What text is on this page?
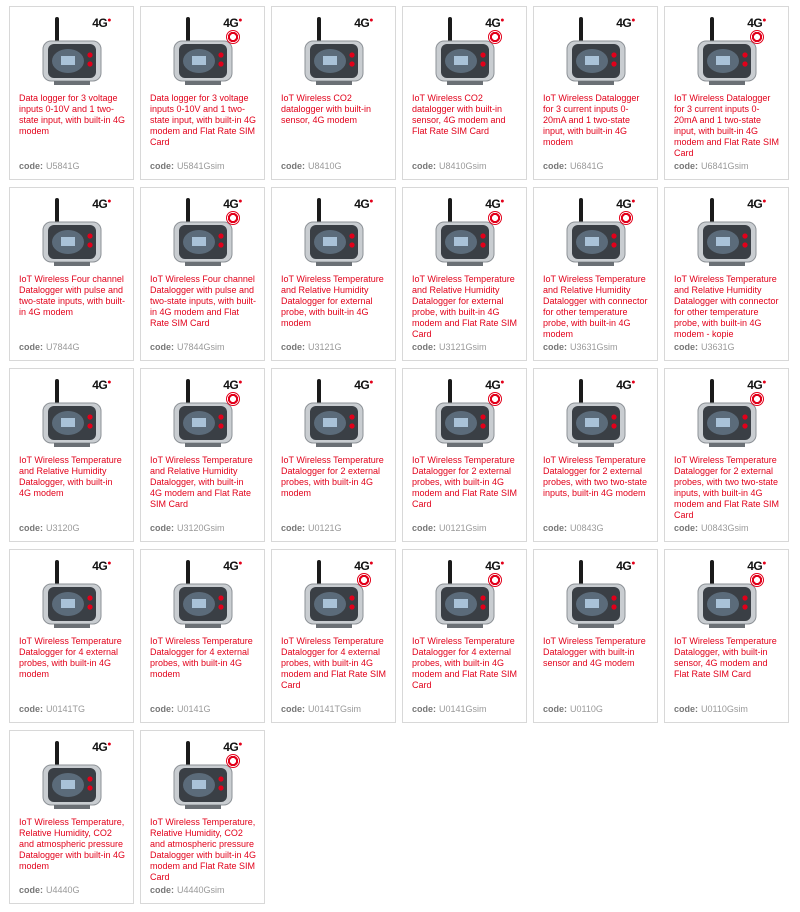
4G●
Data logger for 3 voltage inputs 0-10V and 1 two-state input, with built-in 4G modem
code: U5841G
4G●
Data logger for 3 voltage inputs 0-10V and 1 two-state input, with built-in 4G modem and Flat Rate SIM Card
code: U5841Gsim
4G●
IoT Wireless CO2 datalogger with built-in sensor, 4G modem
code: U8410G
4G●
IoT Wireless CO2 datalogger with built-in sensor, 4G modem and Flat Rate SIM Card
code: U8410Gsim
4G●
IoT Wireless Datalogger for 3 current inputs 0-20mA and 1 two-state input, with built-in 4G modem
code: U6841G
4G●
IoT Wireless Datalogger for 3 current inputs 0-20mA and 1 two-state input, with built-in 4G modem and Flat Rate SIM Card
code: U6841Gsim
4G●
IoT Wireless Four channel Datalogger with pulse and two-state inputs, with built-in 4G modem
code: U7844G
4G●
IoT Wireless Four channel Datalogger with pulse and two-state inputs, with built-in 4G modem and Flat Rate SIM Card
code: U7844Gsim
4G●
IoT Wireless Temperature and Relative Humidity Datalogger for external probe, with built-in 4G modem
code: U3121G
4G●
IoT Wireless Temperature and Relative Humidity Datalogger for external probe, with built-in 4G modem and Flat Rate SIM Card
code: U3121Gsim
4G●
IoT Wireless Temperature and Relative Humidity Datalogger with connector for other temperature probe, with built-in 4G modem
code: U3631Gsim
4G●
IoT Wireless Temperature and Relative Humidity Datalogger with connector for other temperature probe, with built-in 4G modem - kopie
code: U3631G
4G●
IoT Wireless Temperature and Relative Humidity Datalogger, with built-in 4G modem
code: U3120G
4G●
IoT Wireless Temperature and Relative Humidity Datalogger, with built-in 4G modem and Flat Rate SIM Card
code: U3120Gsim
4G●
IoT Wireless Temperature Datalogger for 2 external probes, with built-in 4G modem
code: U0121G
4G●
IoT Wireless Temperature Datalogger for 2 external probes, with built-in 4G modem and Flat Rate SIM Card
code: U0121Gsim
4G●
IoT Wireless Temperature Datalogger for 2 external probes, with two two-state inputs, built-in 4G modem
code: U0843G
4G●
IoT Wireless Temperature Datalogger for 2 external probes, with two two-state inputs, with built-in 4G modem and Flat Rate SIM Card
code: U0843Gsim
4G●
IoT Wireless Temperature Datalogger for 4 external probes, with built-in 4G modem
code: U0141TG
4G●
IoT Wireless Temperature Datalogger for 4 external probes, with built-in 4G modem
code: U0141G
4G●
IoT Wireless Temperature Datalogger for 4 external probes, with built-in 4G modem and Flat Rate SIM Card
code: U0141TGsim
4G●
IoT Wireless Temperature Datalogger for 4 external probes, with built-in 4G modem and Flat Rate SIM Card
code: U0141Gsim
4G●
IoT Wireless Temperature Datalogger with built-in sensor and 4G modem
code: U0110G
4G●
IoT Wireless Temperature Datalogger, with built-in sensor, 4G modem and Flat Rate SIM Card
code: U0110Gsim
4G●
IoT Wireless Temperature, Relative Humidity, CO2 and atmospheric pressure Datalogger with built-in 4G modem
code: U4440G
4G●
IoT Wireless Temperature, Relative Humidity, CO2 and atmospheric pressure Datalogger with built-in 4G modem and Flat Rate SIM Card
code: U4440Gsim
